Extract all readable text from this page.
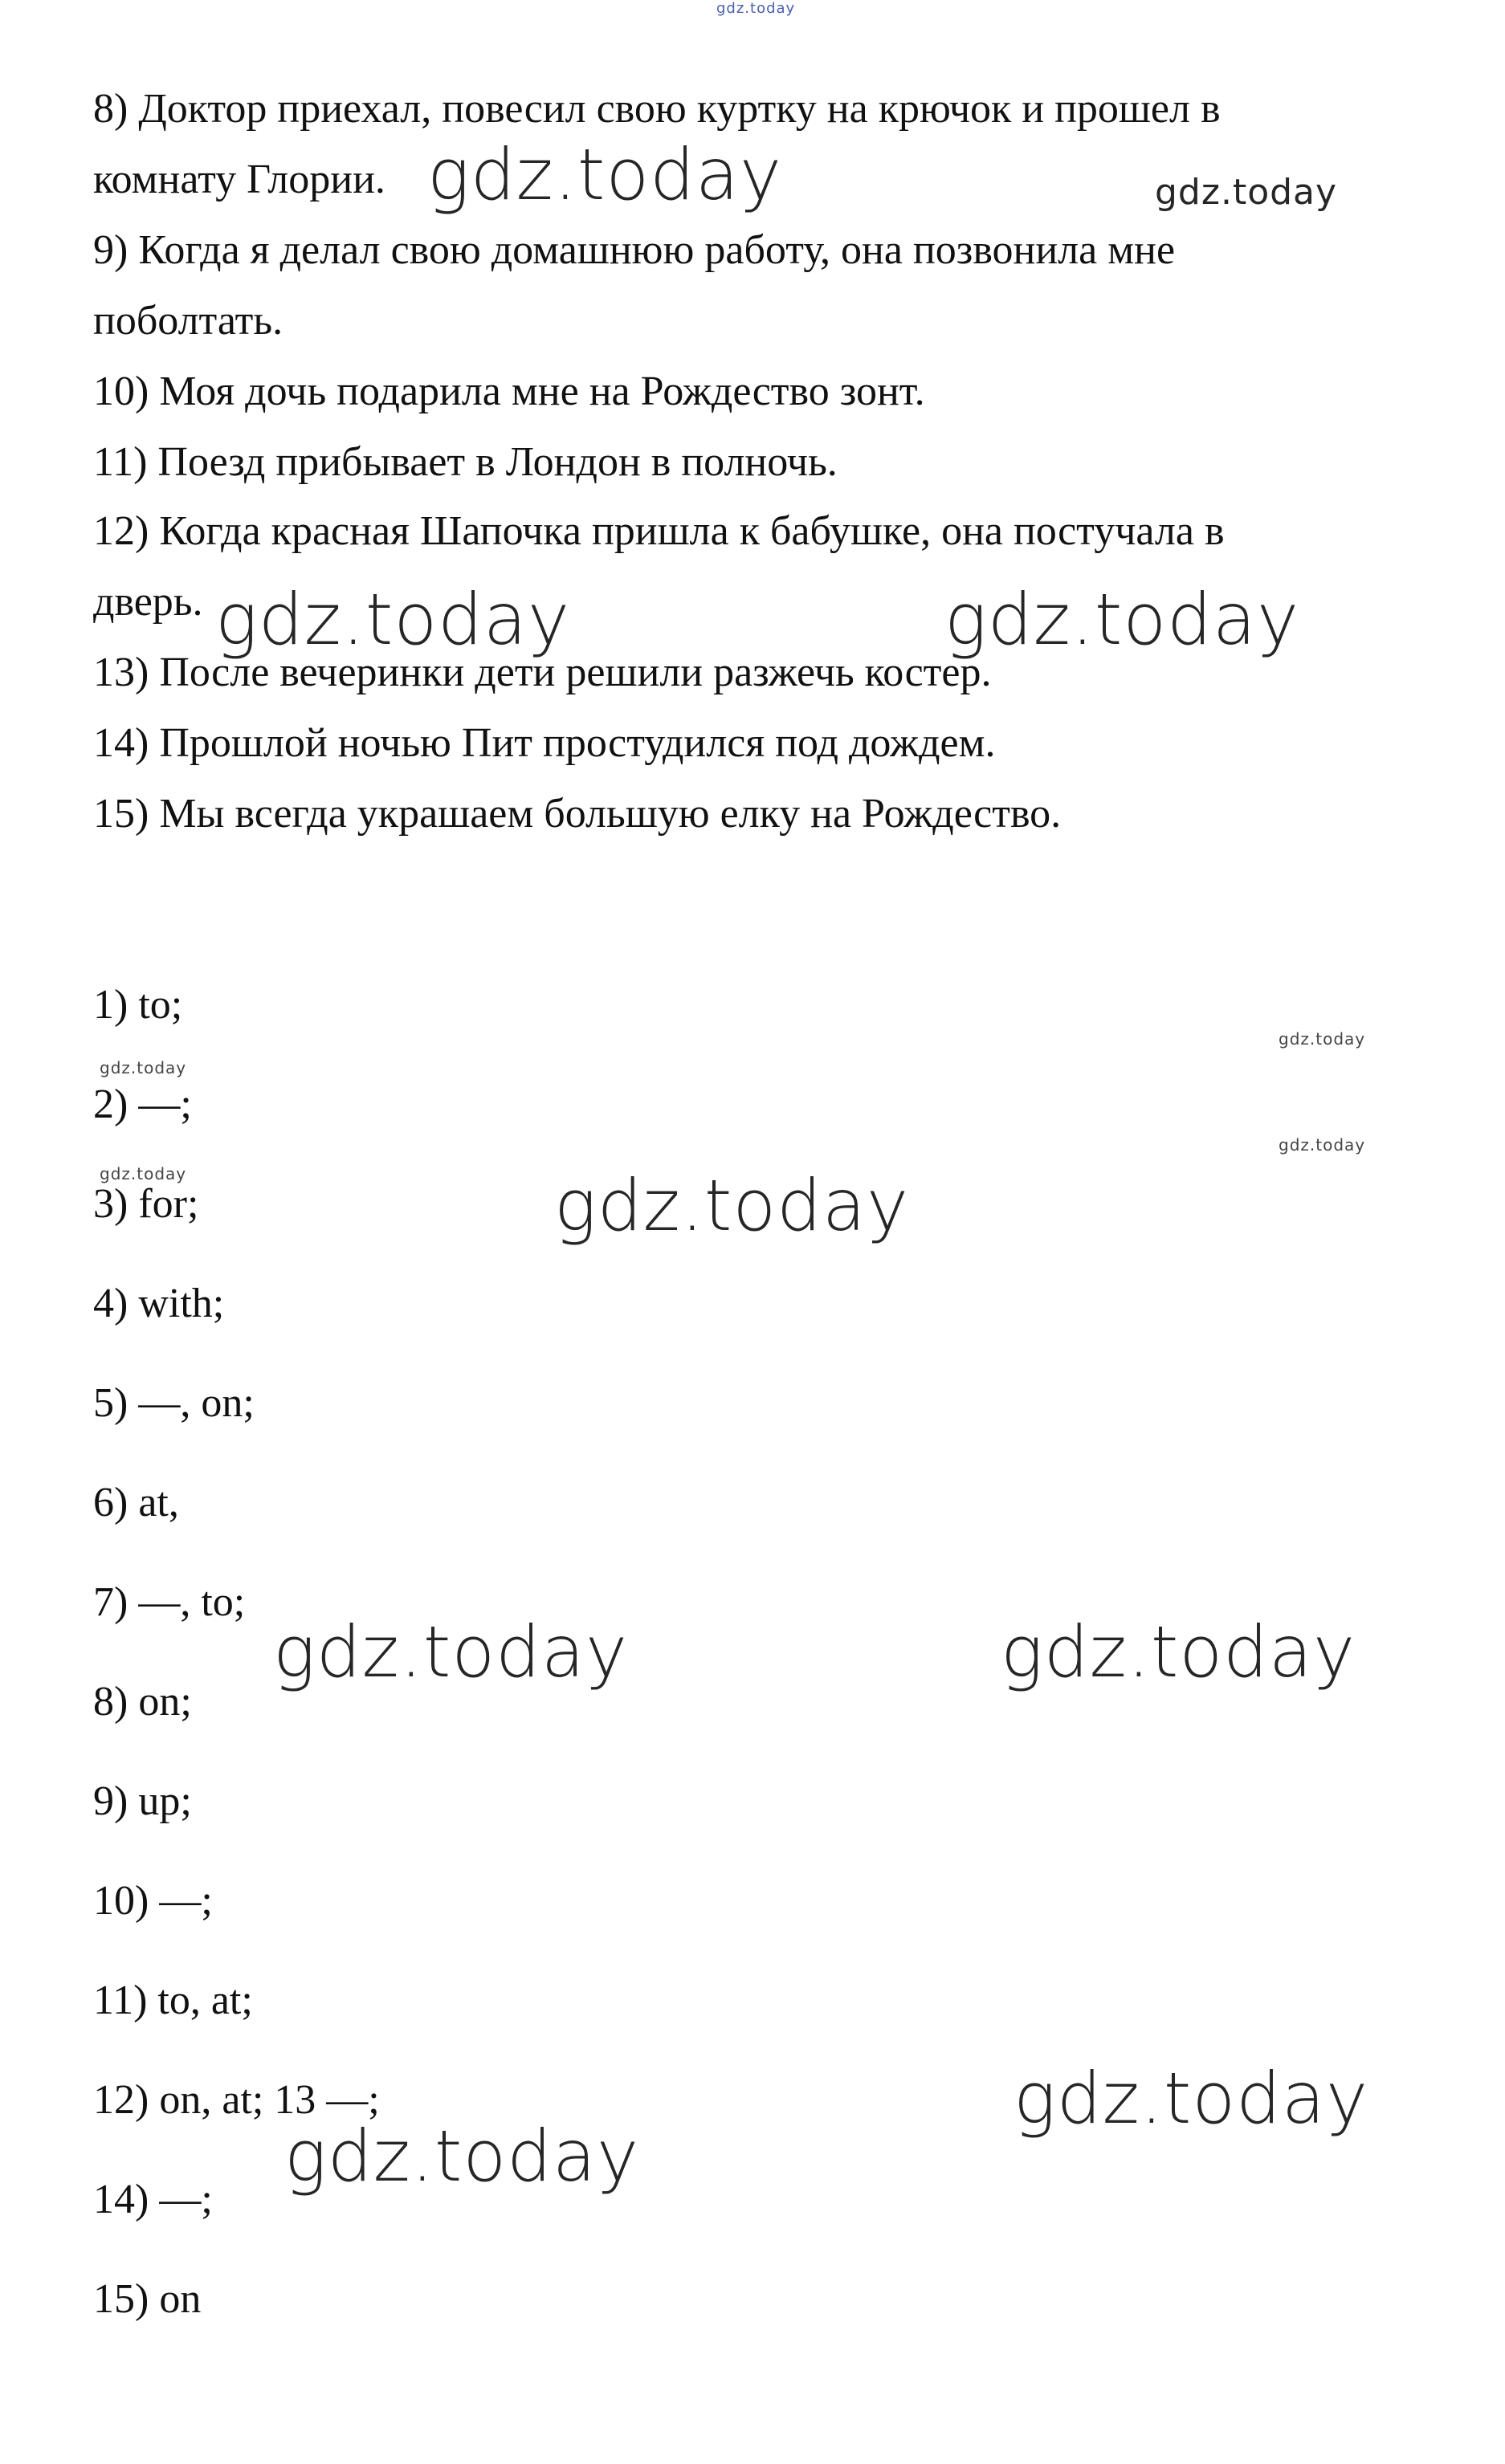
gdz.today
8) Доктор приехал, повесил свою куртку на крючок и прошел в
комнату Глории.
9) Когда я делал свою домашнюю работу, она позвонила мне
поболтать.
10) Моя дочь подарила мне на Рождество зонт.
11) Поезд прибывает в Лондон в полночь.
12) Когда красная Шапочка пришла к бабушке, она постучала в
дверь.
13) После вечеринки дети решили разжечь костер.
14) Прошлой ночью Пит простудился под дождем.
15) Мы всегда украшаем большую елку на Рождество.
1) to;
2) —;
3) for;
4) with;
5) —, on;
6) at,
7) —, to;
8) on;
9) up;
10) —;
11) to, at;
12) on, at; 13 —;
14) —;
15) on
gdz.today	gdz.today
gdz.today	gdz.today
gdz.today
gdz.today
gdz.today
gdz.today	gdz.today
gdz.today	gdz.today
gdz.today
gdz.today
